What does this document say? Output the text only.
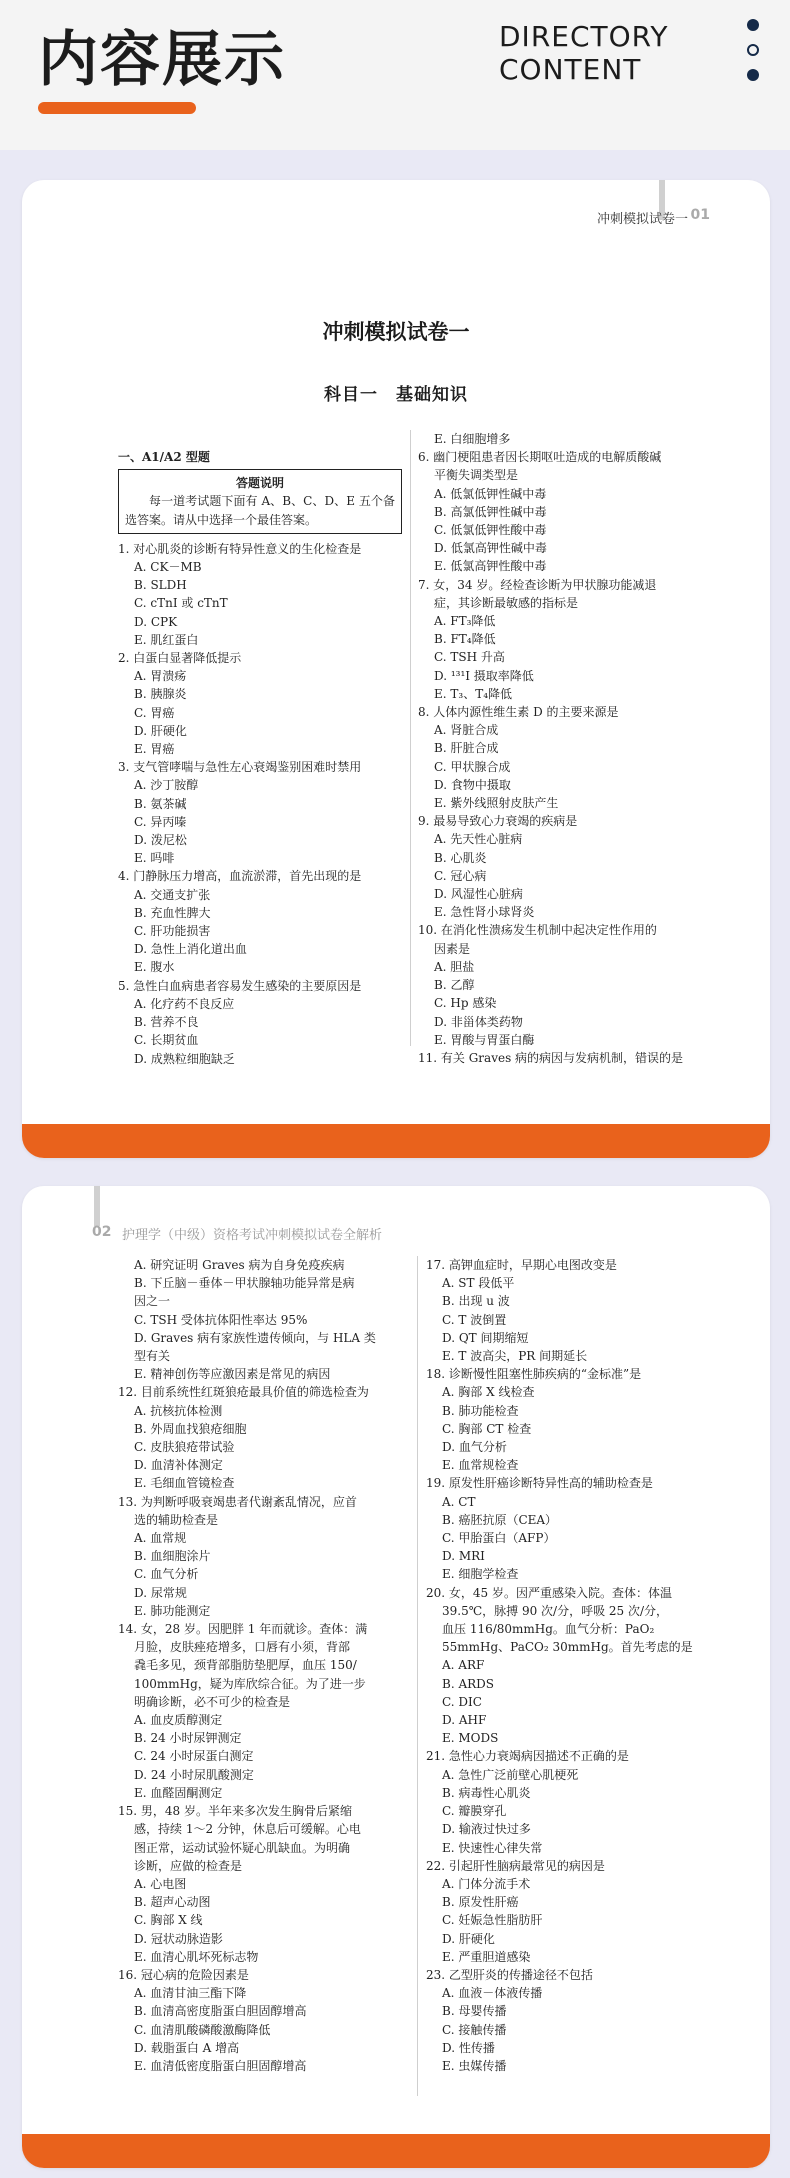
内容展示	DIRECTORY
CONTENT
冲刺模拟试卷一 01
冲刺模拟试卷一
科目一　基础知识
一、A1/A2 型题
答题说明
每一道考试题下面有 A、B、C、D、E 五个备选答案。请从中选择一个最佳答案。
1. 对心肌炎的诊断有特异性意义的生化检查是
A. CK－MB
B. SLDH
C. cTnI 或 cTnT
D. CPK
E. 肌红蛋白
2. 白蛋白显著降低提示
A. 胃溃疡
B. 胰腺炎
C. 胃癌
D. 肝硬化
E. 胃癌
3. 支气管哮喘与急性左心衰竭鉴别困难时禁用
A. 沙丁胺醇
B. 氨茶碱
C. 异丙嗪
D. 泼尼松
E. 吗啡
4. 门静脉压力增高，血流淤滞，首先出现的是
A. 交通支扩张
B. 充血性脾大
C. 肝功能损害
D. 急性上消化道出血
E. 腹水
5. 急性白血病患者容易发生感染的主要原因是
A. 化疗药不良反应
B. 营养不良
C. 长期贫血
D. 成熟粒细胞缺乏
E. 白细胞增多
6. 幽门梗阻患者因长期呕吐造成的电解质酸碱
平衡失调类型是
A. 低氯低钾性碱中毒
B. 高氯低钾性碱中毒
C. 低氯低钾性酸中毒
D. 低氯高钾性碱中毒
E. 低氯高钾性酸中毒
7. 女，34 岁。经检查诊断为甲状腺功能减退
症，其诊断最敏感的指标是
A. FT₃降低
B. FT₄降低
C. TSH 升高
D. ¹³¹I 摄取率降低
E. T₃、T₄降低
8. 人体内源性维生素 D 的主要来源是
A. 肾脏合成
B. 肝脏合成
C. 甲状腺合成
D. 食物中摄取
E. 紫外线照射皮肤产生
9. 最易导致心力衰竭的疾病是
A. 先天性心脏病
B. 心肌炎
C. 冠心病
D. 风湿性心脏病
E. 急性肾小球肾炎
10. 在消化性溃疡发生机制中起决定性作用的
因素是
A. 胆盐
B. 乙醇
C. Hp 感染
D. 非甾体类药物
E. 胃酸与胃蛋白酶
11. 有关 Graves 病的病因与发病机制，错误的是
02 护理学（中级）资格考试冲刺模拟试卷全解析
A. 研究证明 Graves 病为自身免疫疾病
B. 下丘脑－垂体－甲状腺轴功能异常是病
因之一
C. TSH 受体抗体阳性率达 95%
D. Graves 病有家族性遗传倾向，与 HLA 类
型有关
E. 精神创伤等应激因素是常见的病因
12. 目前系统性红斑狼疮最具价值的筛选检查为
A. 抗核抗体检测
B. 外周血找狼疮细胞
C. 皮肤狼疮带试验
D. 血清补体测定
E. 毛细血管镜检查
13. 为判断呼吸衰竭患者代谢紊乱情况，应首
选的辅助检查是
A. 血常规
B. 血细胞涂片
C. 血气分析
D. 尿常规
E. 肺功能测定
14. 女，28 岁。因肥胖 1 年而就诊。查体：满
月脸，皮肤痤疮增多，口唇有小须，背部
毳毛多见，颈背部脂肪垫肥厚，血压 150/
100mmHg，疑为库欣综合征。为了进一步
明确诊断，必不可少的检查是
A. 血皮质醇测定
B. 24 小时尿钾测定
C. 24 小时尿蛋白测定
D. 24 小时尿肌酸测定
E. 血醛固酮测定
15. 男，48 岁。半年来多次发生胸骨后紧缩
感，持续 1～2 分钟，休息后可缓解。心电
图正常，运动试验怀疑心肌缺血。为明确
诊断，应做的检查是
A. 心电图
B. 超声心动图
C. 胸部 X 线
D. 冠状动脉造影
E. 血清心肌坏死标志物
16. 冠心病的危险因素是
A. 血清甘油三酯下降
B. 血清高密度脂蛋白胆固醇增高
C. 血清肌酸磷酸激酶降低
D. 载脂蛋白 A 增高
E. 血清低密度脂蛋白胆固醇增高
17. 高钾血症时，早期心电图改变是
A. ST 段低平
B. 出现 u 波
C. T 波倒置
D. QT 间期缩短
E. T 波高尖，PR 间期延长
18. 诊断慢性阻塞性肺疾病的“金标准”是
A. 胸部 X 线检查
B. 肺功能检查
C. 胸部 CT 检查
D. 血气分析
E. 血常规检查
19. 原发性肝癌诊断特异性高的辅助检查是
A. CT
B. 癌胚抗原（CEA）
C. 甲胎蛋白（AFP）
D. MRI
E. 细胞学检查
20. 女，45 岁。因严重感染入院。查体：体温
39.5℃，脉搏 90 次/分，呼吸 25 次/分，
血压 116/80mmHg。血气分析：PaO₂
55mmHg、PaCO₂ 30mmHg。首先考虑的是
A. ARF
B. ARDS
C. DIC
D. AHF
E. MODS
21. 急性心力衰竭病因描述不正确的是
A. 急性广泛前壁心肌梗死
B. 病毒性心肌炎
C. 瓣膜穿孔
D. 输液过快过多
E. 快速性心律失常
22. 引起肝性脑病最常见的病因是
A. 门体分流手术
B. 原发性肝癌
C. 妊娠急性脂肪肝
D. 肝硬化
E. 严重胆道感染
23. 乙型肝炎的传播途径不包括
A. 血液－体液传播
B. 母婴传播
C. 接触传播
D. 性传播
E. 虫媒传播
